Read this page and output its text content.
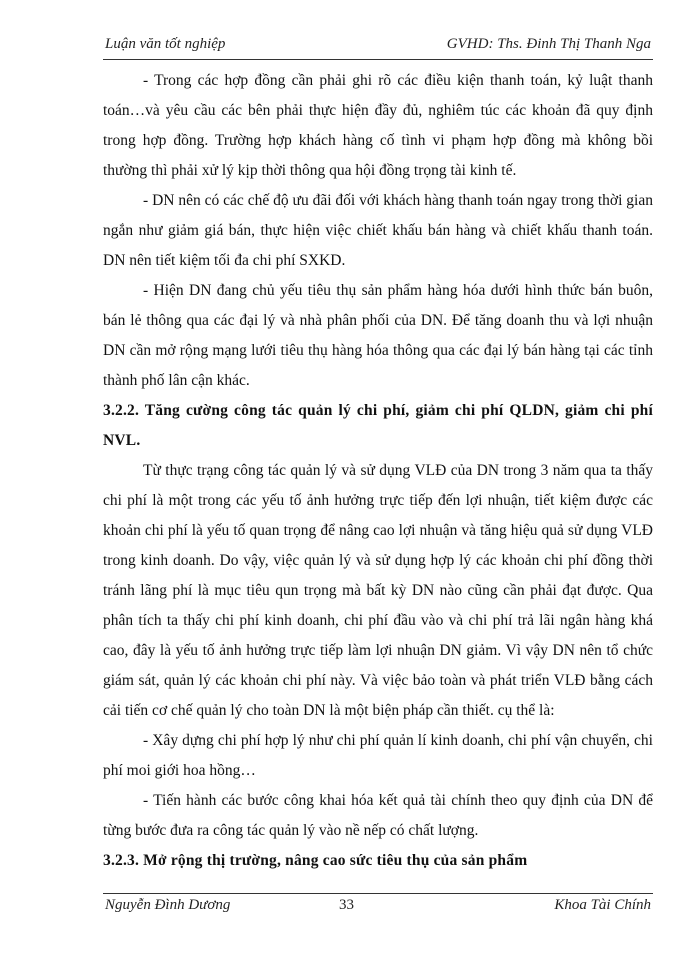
Luận văn tốt nghiệp	GVHD: Ths. Đinh Thị Thanh Nga

- Trong các hợp đồng cần phải ghi rõ các điều kiện thanh toán, kỷ luật thanh toán…và yêu cầu các bên phải thực hiện đầy đủ, nghiêm túc các khoản đã quy định trong hợp đồng. Trường hợp khách hàng cố tình vi phạm hợp đồng mà không bồi thường thì phải xử lý kịp thời thông qua hội đồng trọng tài kinh tế.

- DN nên có các chế độ ưu đãi đối với khách hàng thanh toán ngay trong thời gian ngắn như giảm giá bán, thực hiện việc chiết khấu bán hàng và chiết khấu thanh toán. DN nên tiết kiệm tối đa chi phí SXKD.

- Hiện DN đang chủ yếu tiêu thụ sản phẩm hàng hóa dưới hình thức bán buôn, bán lẻ thông qua các đại lý và nhà phân phối của DN. Để tăng doanh thu và lợi nhuận DN cần mở rộng mạng lưới tiêu thụ hàng hóa thông qua các đại lý bán hàng tại các tỉnh thành phố lân cận khác.

3.2.2. Tăng cường công tác quản lý chi phí, giảm chi phí QLDN, giảm chi phí NVL.

Từ thực trạng công tác quản lý và sử dụng VLĐ của DN trong 3 năm qua ta thấy chi phí là một trong các yếu tố ảnh hưởng trực tiếp đến lợi nhuận, tiết kiệm được các khoản chi phí là yếu tố quan trọng để nâng cao lợi nhuận và tăng hiệu quả sử dụng VLĐ trong kinh doanh. Do vậy, việc quản lý và sử dụng hợp lý các khoản chi phí đồng thời tránh lãng phí là mục tiêu qun trọng mà bất kỳ DN nào cũng cần phải đạt được. Qua phân tích ta thấy chi phí kinh doanh, chi phí đầu vào và chi phí trả lãi ngân hàng khá cao, đây là yếu tố ảnh hưởng trực tiếp làm lợi nhuận DN giảm. Vì vậy DN nên tổ chức giám sát, quản lý các khoản chi phí này. Và việc bảo toàn và phát triển VLĐ bằng cách cải tiến cơ chế quản lý cho toàn DN là một biện pháp cần thiết. cụ thể là:

- Xây dựng chi phí hợp lý như chi phí quản lí kinh doanh, chi phí vận chuyển, chi phí moi giới hoa hồng…

- Tiến hành các bước công khai hóa kết quả tài chính theo quy định của DN để từng bước đưa ra công tác quản lý vào nề nếp có chất lượng.

3.2.3. Mở rộng thị trường, nâng cao sức tiêu thụ của sản phẩm

Nguyễn Đình Dương	33	Khoa Tài Chính
